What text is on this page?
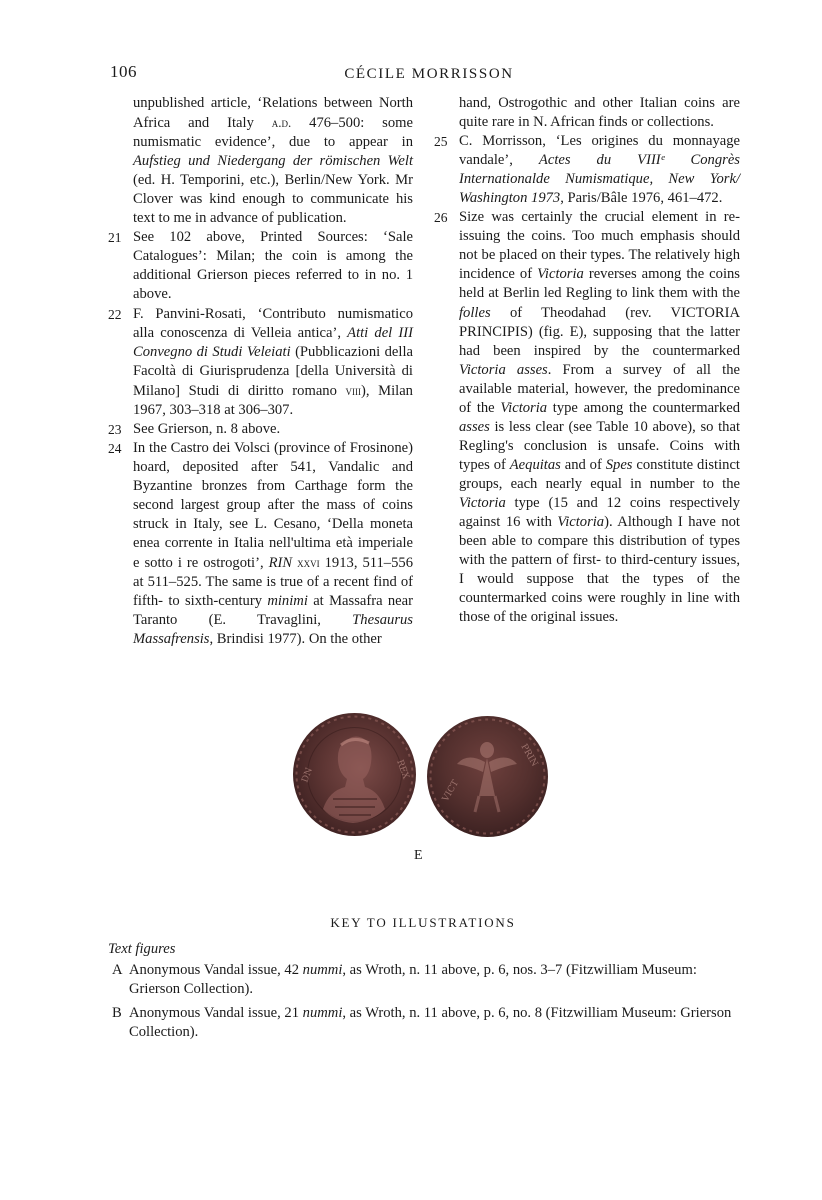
106	CÉCILE MORRISSON
unpublished article, ‘Relations between North Africa and Italy a.d. 476–500: some numismatic evidence’, due to appear in Aufstieg und Niedergang der römischen Welt (ed. H. Temporini, etc.), Berlin/New York. Mr Clover was kind enough to communicate his text to me in advance of publication.
21 See 102 above, Printed Sources: ‘Sale Catalogues’: Milan; the coin is among the additional Grierson pieces referred to in no. 1 above.
22 F. Panvini-Rosati, ‘Contributo numismatico alla conoscenza di Velleia antica’, Atti del III Convegno di Studi Veleiati (Pubblicazioni della Facoltà di Giurisprudenza [della Università di Milano] Studi di diritto romano viii), Milan 1967, 303–318 at 306–307.
23 See Grierson, n. 8 above.
24 In the Castro dei Volsci (province of Frosinone) hoard, deposited after 541, Vandalic and Byzantine bronzes from Carthage form the second largest group after the mass of coins struck in Italy, see L. Cesano, ‘Della moneta enea corrente in Italia nell'ultima età imperiale e sotto i re ostrogoti’, RIN xxvi 1913, 511–556 at 511–525. The same is true of a recent find of fifth- to sixth-century minimi at Massafra near Taranto (E. Travaglini, Thesaurus Massafrensis, Brindisi 1977). On the other
hand, Ostrogothic and other Italian coins are quite rare in N. African finds or collections.
25 C. Morrisson, ‘Les origines du monnayage vandale’, Actes du VIIIᵉ Congrès Internationalde Numismatique, New York/ Washington 1973, Paris/Bâle 1976, 461–472.
26 Size was certainly the crucial element in re-issuing the coins. Too much emphasis should not be placed on their types. The relatively high incidence of Victoria reverses among the coins held at Berlin led Regling to link them with the folles of Theodahad (rev. VICTORIA PRINCIPIS) (fig. E), supposing that the latter had been inspired by the countermarked Victoria asses. From a survey of all the available material, however, the predominance of the Victoria type among the countermarked asses is less clear (see Table 10 above), so that Regling's conclusion is unsafe. Coins with types of Aequitas and of Spes constitute distinct groups, each nearly equal in number to the Victoria type (15 and 12 coins respectively against 16 with Victoria). Although I have not been able to compare this distribution of types with the pattern of first- to third-century issues, I would suppose that the types of the countermarked coins were roughly in line with those of the original issues.
DN	REX
VICT
PRIN
E
KEY TO ILLUSTRATIONS
Text figures
A Anonymous Vandal issue, 42 nummi, as Wroth, n. 11 above, p. 6, nos. 3–7 (Fitzwilliam Museum: Grierson Collection).
B Anonymous Vandal issue, 21 nummi, as Wroth, n. 11 above, p. 6, no. 8 (Fitzwilliam Museum: Grierson Collection).
